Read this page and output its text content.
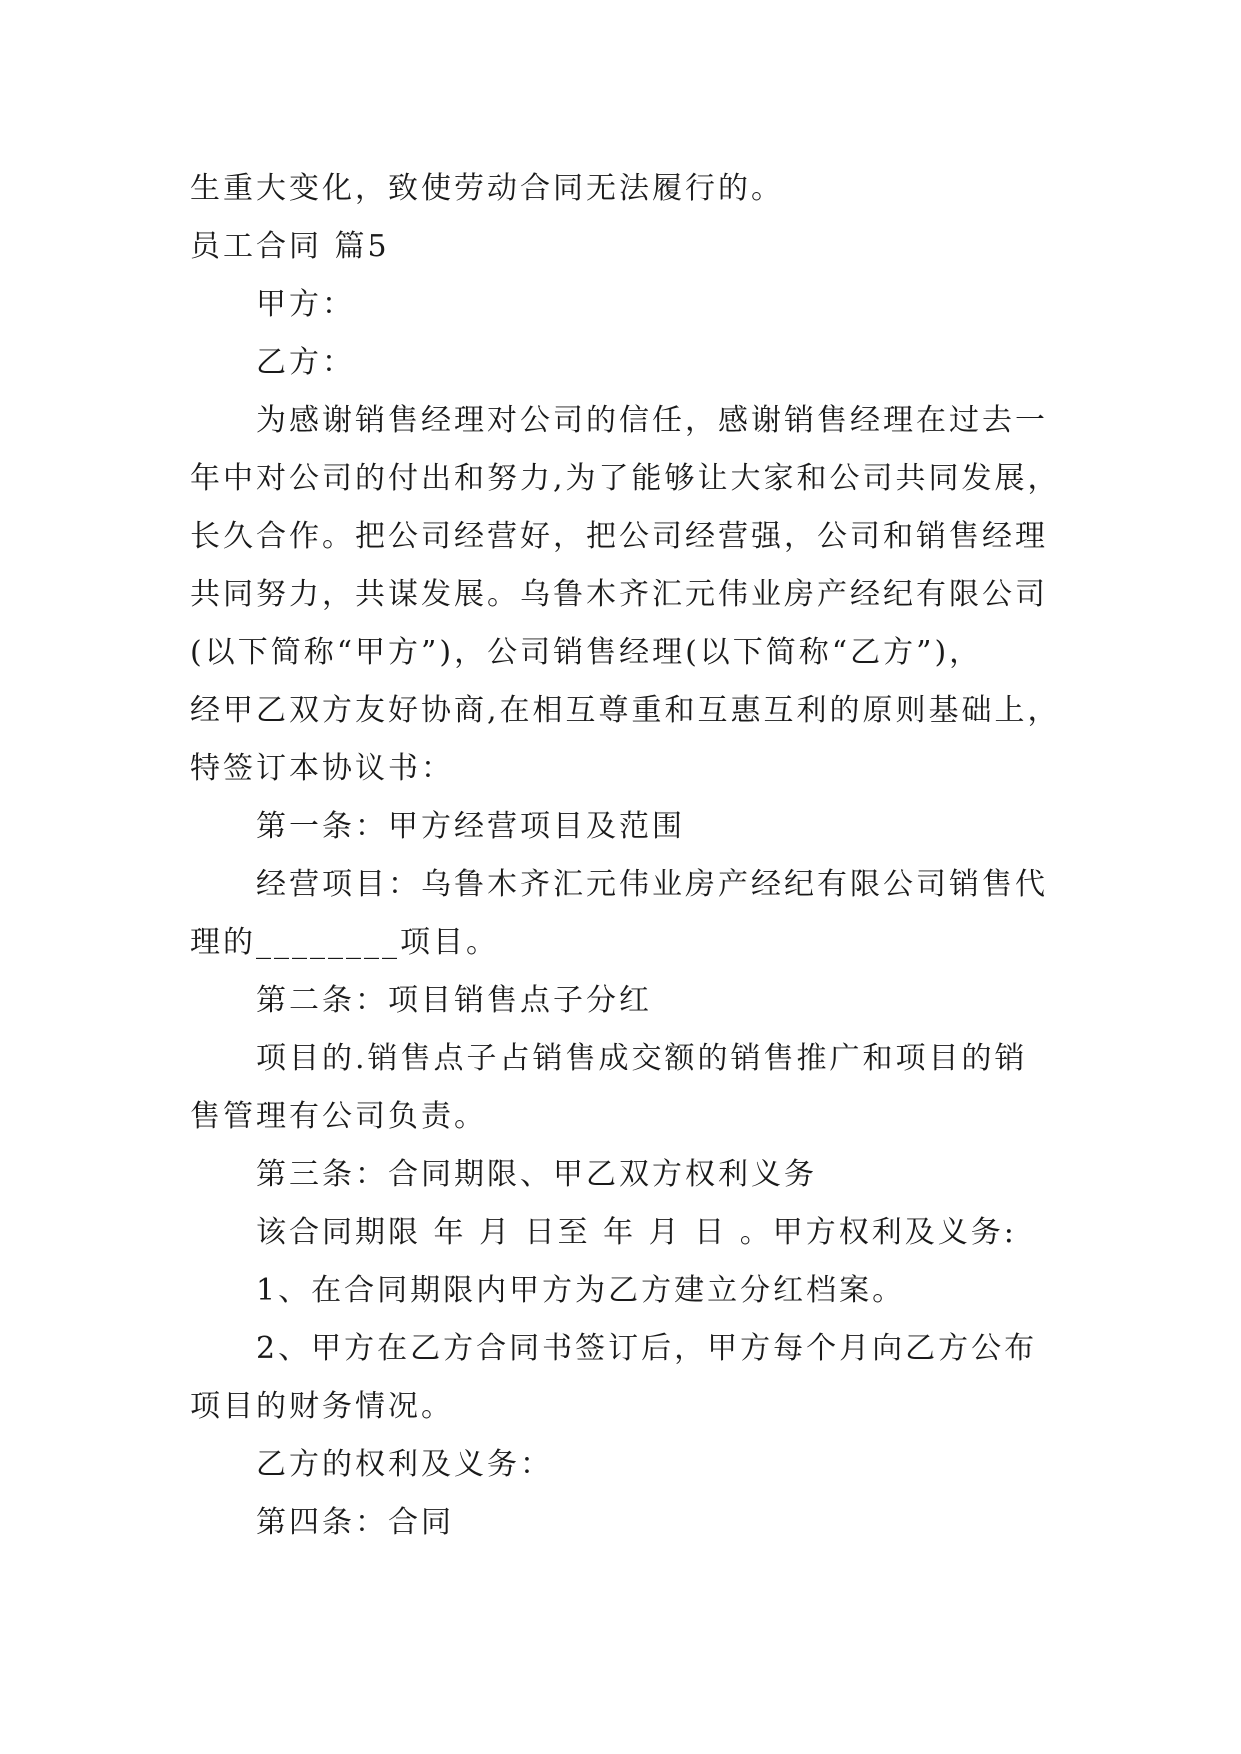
生重大变化，致使劳动合同无法履行的。
员工合同 篇5
甲方：
乙方：
为感谢销售经理对公司的信任，感谢销售经理在过去一
年中对公司的付出和努力,为了能够让大家和公司共同发展，
长久合作。把公司经营好，把公司经营强，公司和销售经理
共同努力，共谋发展。乌鲁木齐汇元伟业房产经纪有限公司
(以下简称“甲方”)，公司销售经理(以下简称“乙方”)，
经甲乙双方友好协商,在相互尊重和互惠互利的原则基础上，
特签订本协议书：
第一条：甲方经营项目及范围
经营项目：乌鲁木齐汇元伟业房产经纪有限公司销售代
理的________项目。
第二条：项目销售点子分红
项目的.销售点子占销售成交额的销售推广和项目的销
售管理有公司负责。
第三条：合同期限、甲乙双方权利义务
该合同期限 年 月 日至 年 月 日 。甲方权利及义务:
1、在合同期限内甲方为乙方建立分红档案。
2、甲方在乙方合同书签订后，甲方每个月向乙方公布
项目的财务情况。
乙方的权利及义务：
第四条：合同
